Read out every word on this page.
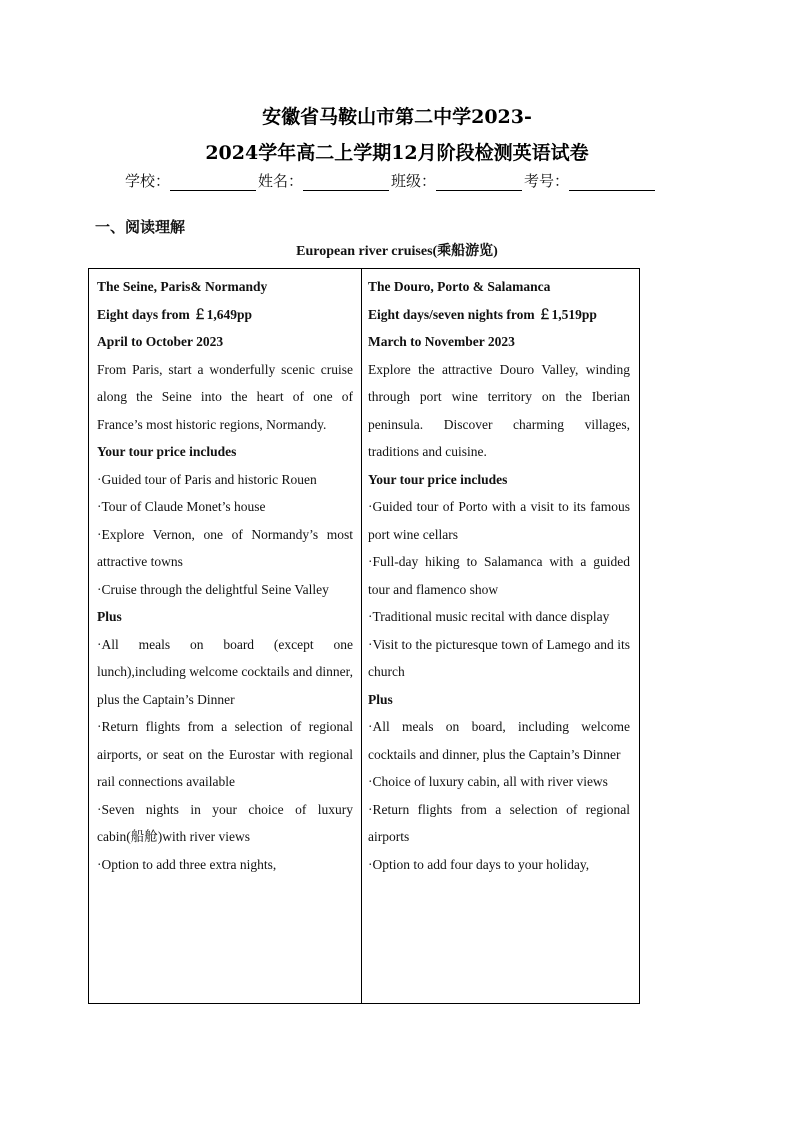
安徽省马鞍山市第二中学2023-
2024学年高二上学期12月阶段检测英语试卷
学校：	姓名：	班级：	考号：
一、阅读理解
European river cruises(乘船游览)

The Seine, Paris& Normandy

Eight days from ￡1,649pp

April to October 2023

From Paris, start a wonderfully scenic cruise along the Seine into the heart of one of France’s most historic regions, Normandy.

Your tour price includes

·Guided tour of Paris and historic Rouen

·Tour of Claude Monet’s house

·Explore Vernon, one of Normandy’s most attractive towns

·Cruise through the delightful Seine Valley

Plus

·All meals on board (except one lunch),including welcome cocktails and dinner, plus the Captain’s Dinner

·Return flights from a selection of regional airports, or seat on the Eurostar with regional rail connections available

·Seven nights in your choice of luxury cabin(船舱)with river views

·Option to add three extra nights,

The Douro, Porto & Salamanca

Eight days/seven nights from ￡1,519pp

March to November 2023

Explore the attractive Douro Valley, winding through port wine territory on the Iberian peninsula. Discover charming villages, traditions and cuisine.

Your tour price includes

·Guided tour of Porto with a visit to its famous port wine cellars

·Full-day hiking to Salamanca with a guided tour and flamenco show

·Traditional music recital with dance display

·Visit to the picturesque town of Lamego and its church

Plus

·All meals on board, including welcome cocktails and dinner, plus the Captain’s Dinner

·Choice of luxury cabin, all with river views

·Return flights from a selection of regional airports

·Option to add four days to your holiday,
